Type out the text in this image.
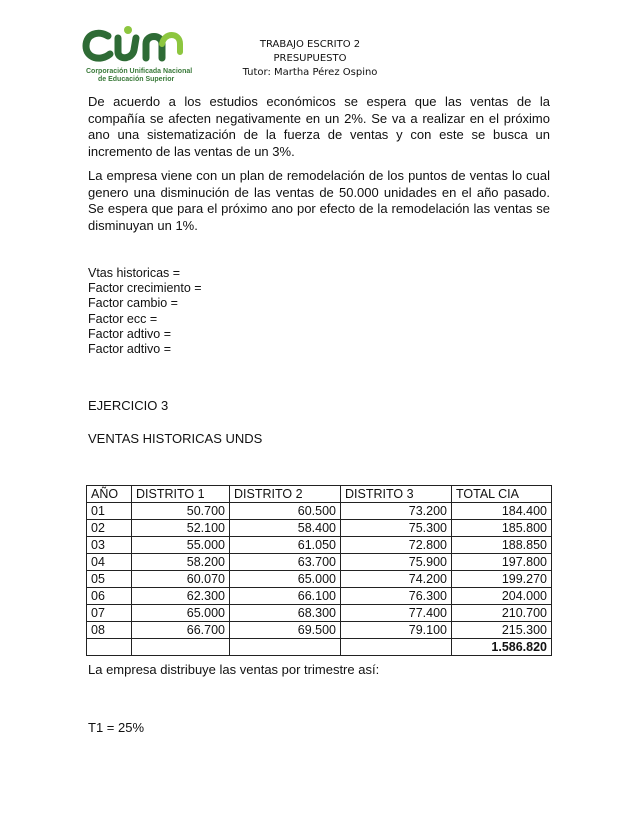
Corporación Unificada Nacional
de Educación Superior
TRABAJO ESCRITO 2
PRESUPUESTO
Tutor: Martha Pérez Ospino
De acuerdo a los estudios económicos se espera que las ventas de la compañía se afecten negativamente en un 2%. Se va a realizar en el próximo ano una sistematización de la fuerza de ventas y con este se busca un incremento de las ventas de un 3%.
La empresa viene con un plan de remodelación de los puntos de ventas lo cual genero una disminución de las ventas de 50.000 unidades en el año pasado. Se espera que para el próximo ano por efecto de la remodelación las ventas se disminuyan un 1%.
Vtas historicas =
Factor crecimiento =
Factor cambio =
Factor ecc =
Factor adtivo =
Factor adtivo =
EJERCICIO 3
VENTAS HISTORICAS UNDS
AÑO	DISTRITO 1	DISTRITO 2	DISTRITO 3	TOTAL CIA
01	50.700	60.500	73.200	184.400
02	52.100	58.400	75.300	185.800
03	55.000	61.050	72.800	188.850
04	58.200	63.700	75.900	197.800
05	60.070	65.000	74.200	199.270
06	62.300	66.100	76.300	204.000
07	65.000	68.300	77.400	210.700
08	66.700	69.500	79.100	215.300
				1.586.820
La empresa distribuye las ventas por trimestre así:
T1 = 25%
